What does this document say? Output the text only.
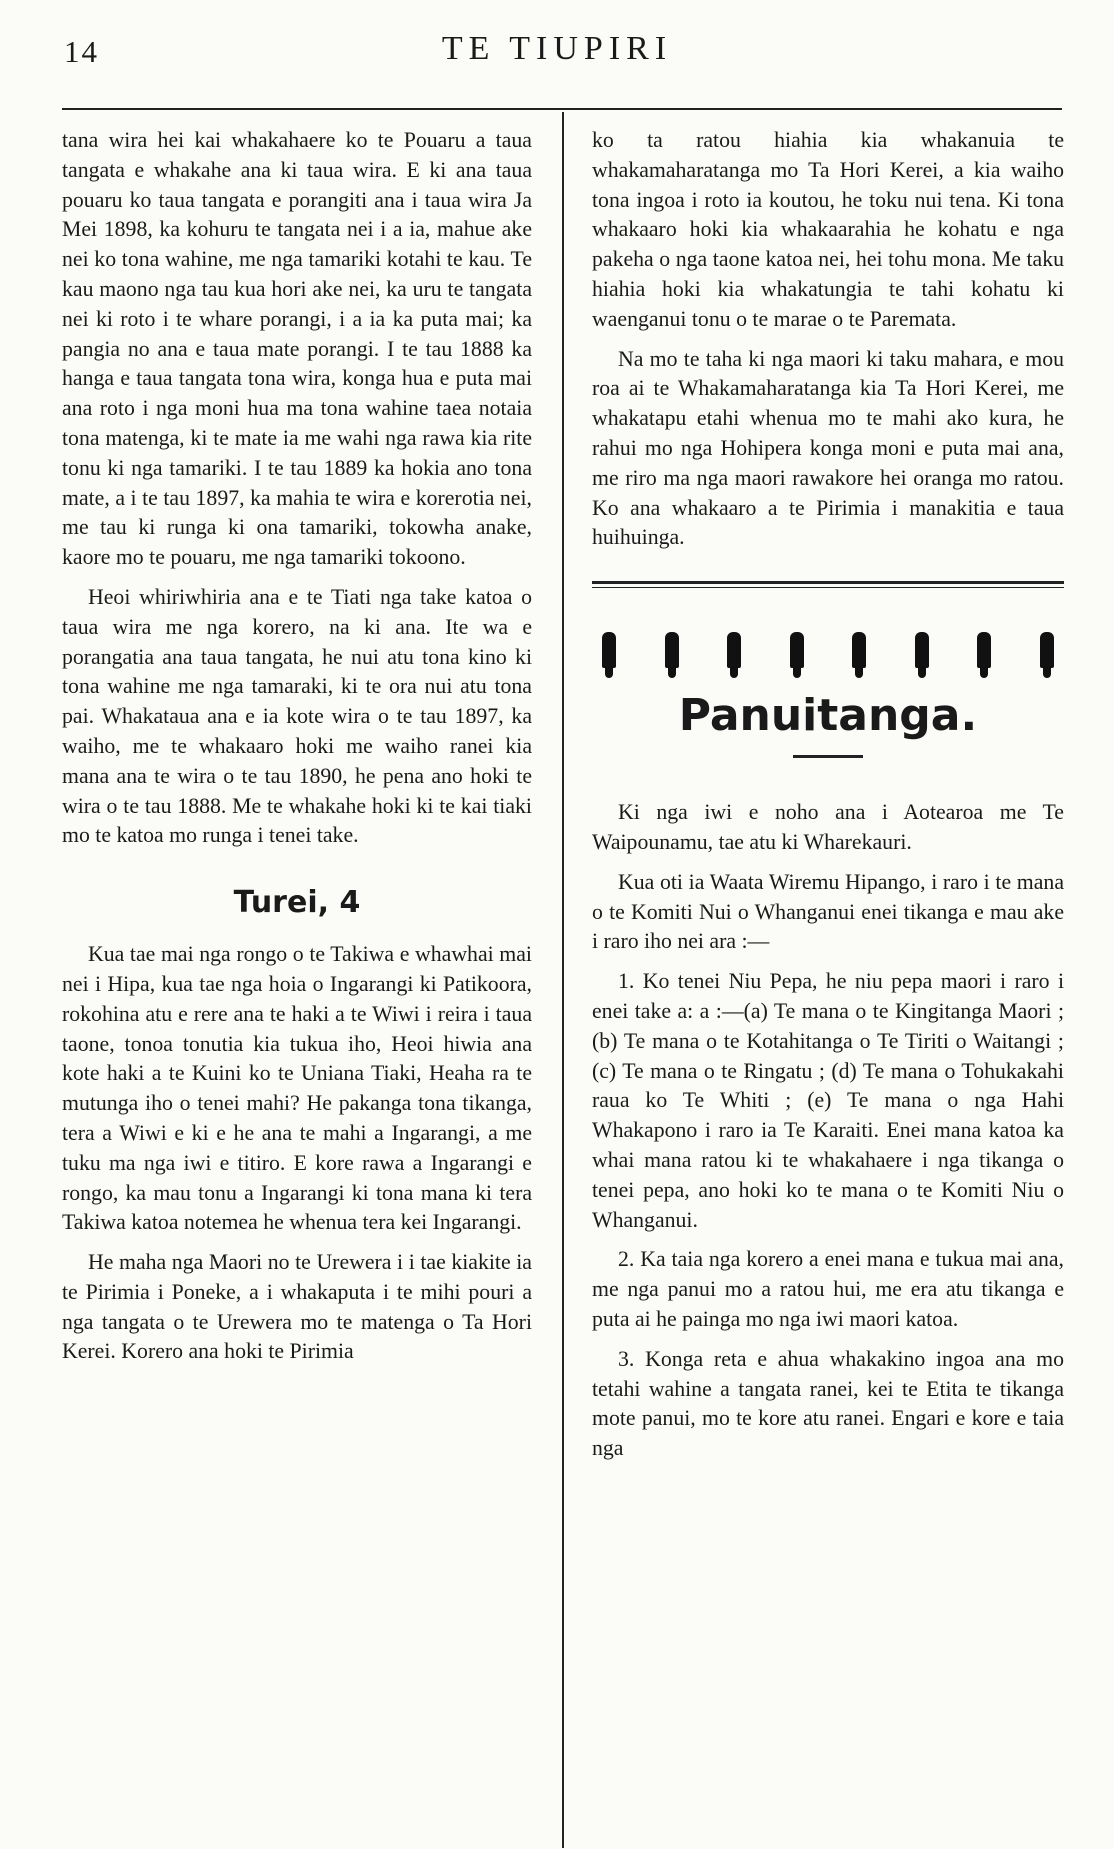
14	TE TIUPIRI

tana wira hei kai whakahaere ko te Pouaru a taua tangata e whakahe ana ki taua wira. E ki ana taua pouaru ko taua tangata e porangiti ana i taua wira Ja Mei 1898, ka kohuru te tangata nei i a ia, mahue ake nei ko tona wahine, me nga tamariki kotahi te kau. Te kau maono nga tau kua hori ake nei, ka uru te tangata nei ki roto i te whare porangi, i a ia ka puta mai; ka pangia no ana e taua mate porangi. I te tau 1888 ka hanga e taua tangata tona wira, konga hua e puta mai ana roto i nga moni hua ma tona wahine taea notaia tona matenga, ki te mate ia me wahi nga rawa kia rite tonu ki nga tamariki. I te tau 1889 ka hokia ano tona mate, a i te tau 1897, ka mahia te wira e korerotia nei, me tau ki runga ki ona tamariki, tokowha anake, kaore mo te pouaru, me nga tamariki tokoono.

Heoi whiriwhiria ana e te Tiati nga take katoa o taua wira me nga korero, na ki ana. Ite wa e porangatia ana taua tangata, he nui atu tona kino ki tona wahine me nga tamaraki, ki te ora nui atu tona pai. Whakataua ana e ia kote wira o te tau 1897, ka waiho, me te whakaaro hoki me waiho ranei kia mana ana te wira o te tau 1890, he pena ano hoki te wira o te tau 1888. Me te whakahe hoki ki te kai tiaki mo te katoa mo runga i tenei take.

Turei, 4

Kua tae mai nga rongo o te Takiwa e whawhai mai nei i Hipa, kua tae nga hoia o Ingarangi ki Patikoora, rokohina atu e rere ana te haki a te Wiwi i reira i taua taone, tonoa tonutia kia tukua iho, Heoi hiwia ana kote haki a te Kuini ko te Uniana Tiaki, Heaha ra te mutunga iho o tenei mahi? He pakanga tona tikanga, tera a Wiwi e ki e he ana te mahi a Ingarangi, a me tuku ma nga iwi e titiro. E kore rawa a Ingarangi e rongo, ka mau tonu a Ingarangi ki tona mana ki tera Takiwa katoa notemea he whenua tera kei Ingarangi.

He maha nga Maori no te Urewera i i tae kiakite ia te Pirimia i Poneke, a i whakaputa i te mihi pouri a nga tangata o te Urewera mo te matenga o Ta Hori Kerei. Korero ana hoki te Pirimia

ko ta ratou hiahia kia whakanuia te whakamaharatanga mo Ta Hori Kerei, a kia waiho tona ingoa i roto ia koutou, he toku nui tena. Ki tona whakaaro hoki kia whakaarahia he kohatu e nga pakeha o nga taone katoa nei, hei tohu mona. Me taku hiahia hoki kia whakatungia te tahi kohatu ki waenganui tonu o te marae o te Paremata.

Na mo te taha ki nga maori ki taku mahara, e mou roa ai te Whakamaharatanga kia Ta Hori Kerei, me whakatapu etahi whenua mo te mahi ako kura, he rahui mo nga Hohipera konga moni e puta mai ana, me riro ma nga maori rawakore hei oranga mo ratou. Ko ana whakaaro a te Pirimia i manakitia e taua huihuinga.

Panuitanga.

Ki nga iwi e noho ana i Aotearoa me Te Waipounamu, tae atu ki Wharekauri.

Kua oti ia Waata Wiremu Hipango, i raro i te mana o te Komiti Nui o Whanganui enei tikanga e mau ake i raro iho nei ara :—

1. Ko tenei Niu Pepa, he niu pepa maori i raro i enei take a: a :—(a) Te mana o te Kingitanga Maori ; (b) Te mana o te Kotahitanga o Te Tiriti o Waitangi ; (c) Te mana o te Ringatu ; (d) Te mana o Tohukakahi raua ko Te Whiti ; (e) Te mana o nga Hahi Whakapono i raro ia Te Karaiti. Enei mana katoa ka whai mana ratou ki te whakahaere i nga tikanga o tenei pepa, ano hoki ko te mana o te Komiti Niu o Whanganui.

2. Ka taia nga korero a enei mana e tukua mai ana, me nga panui mo a ratou hui, me era atu tikanga e puta ai he painga mo nga iwi maori katoa.

3. Konga reta e ahua whakakino ingoa ana mo tetahi wahine a tangata ranei, kei te Etita te tikanga mote panui, mo te kore atu ranei. Engari e kore e taia nga
